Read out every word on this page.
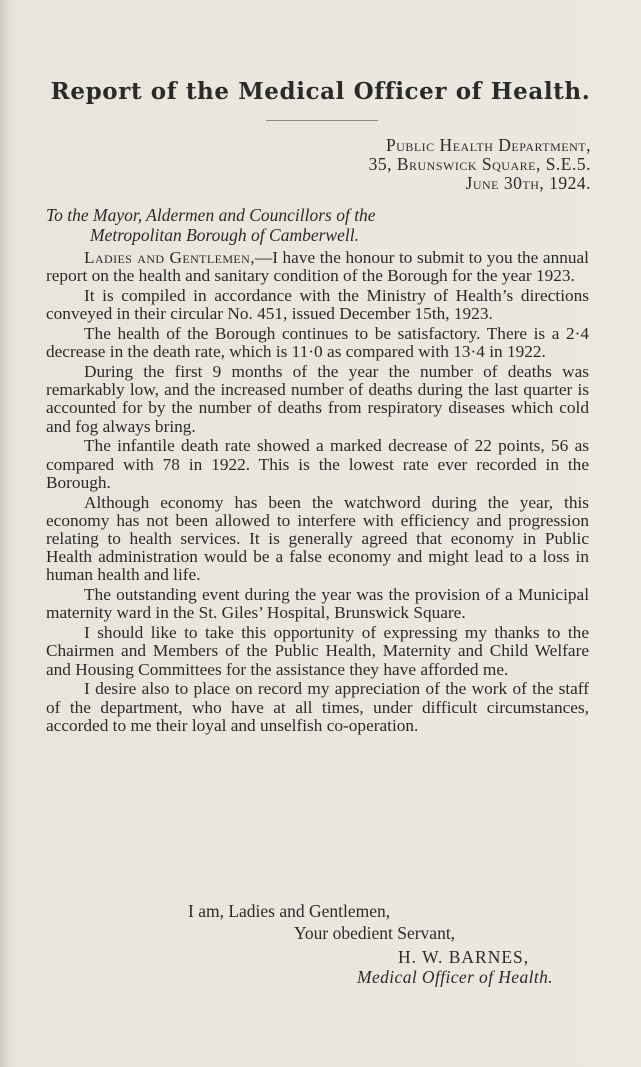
Report of the Medical Officer of Health.
Public Health Department,
35, Brunswick Square, S.E.5.
June 30th, 1924.
To the Mayor, Aldermen and Councillors of the
Metropolitan Borough of Camberwell.

Ladies and Gentlemen,—I have the honour to submit to you the annual report on the health and sanitary condition of the Borough for the year 1923.

It is compiled in accordance with the Ministry of Health’s directions conveyed in their circular No. 451, issued December 15th, 1923.

The health of the Borough continues to be satisfactory. There is a 2·4 decrease in the death rate, which is 11·0 as compared with 13·4 in 1922.

During the first 9 months of the year the number of deaths was remarkably low, and the increased number of deaths during the last quarter is accounted for by the number of deaths from respiratory diseases which cold and fog always bring.

The infantile death rate showed a marked decrease of 22 points, 56 as compared with 78 in 1922. This is the lowest rate ever recorded in the Borough.

Although economy has been the watchword during the year, this economy has not been allowed to interfere with efficiency and progression relating to health services. It is generally agreed that economy in Public Health administration would be a false economy and might lead to a loss in human health and life.

The outstanding event during the year was the provision of a Municipal maternity ward in the St. Giles’ Hospital, Brunswick Square.

I should like to take this opportunity of expressing my thanks to the Chairmen and Members of the Public Health, Maternity and Child Welfare and Housing Committees for the assistance they have afforded me.

I desire also to place on record my appreciation of the work of the staff of the department, who have at all times, under difficult circumstances, accorded to me their loyal and unselfish co-operation.

I am, Ladies and Gentlemen,
Your obedient Servant,
H. W. BARNES,
Medical Officer of Health.
